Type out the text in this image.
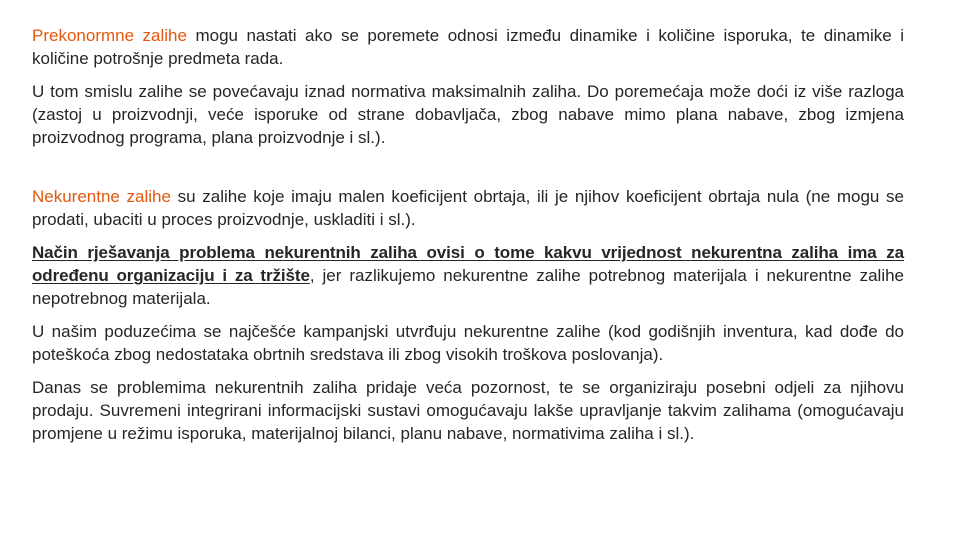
Prekonormne zalihe mogu nastati ako se poremete odnosi između dinamike i količine isporuka, te dinamike i količine potrošnje predmeta rada.

U tom smislu zalihe se povećavaju iznad normativa maksimalnih zaliha. Do poremećaja može doći iz više razloga (zastoj u proizvodnji, veće isporuke od strane dobavljača, zbog nabave mimo plana nabave, zbog izmjena proizvodnog programa, plana proizvodnje i sl.).

Nekurentne zalihe su zalihe koje imaju malen koeficijent obrtaja, ili je njihov koeficijent obrtaja nula (ne mogu se prodati, ubaciti u proces proizvodnje, uskladiti i sl.).

Način rješavanja problema nekurentnih zaliha ovisi o tome kakvu vrijednost nekurentna zaliha ima za određenu organizaciju i za tržište, jer razlikujemo nekurentne zalihe potrebnog materijala i nekurentne zalihe nepotrebnog materijala.

U našim poduzećima se najčešće kampanjski utvrđuju nekurentne zalihe (kod godišnjih inventura, kad dođe do poteškoća zbog nedostataka obrtnih sredstava ili zbog visokih troškova poslovanja).

Danas se problemima nekurentnih zaliha pridaje veća pozornost, te se organiziraju posebni odjeli za njihovu prodaju. Suvremeni integrirani informacijski sustavi omogućavaju lakše upravljanje takvim zalihama (omogućavaju promjene u režimu isporuka, materijalnoj bilanci, planu nabave, normativima zaliha i sl.).
